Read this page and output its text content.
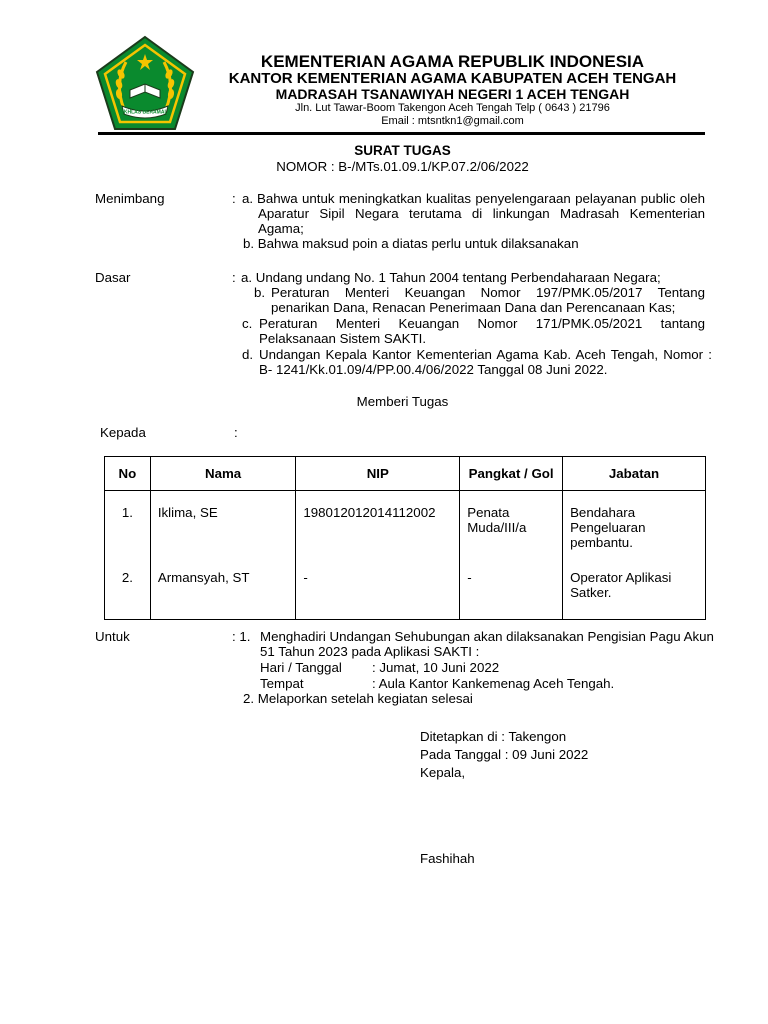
IKHLAS BERAMAL
KEMENTERIAN AGAMA REPUBLIK INDONESIA
KANTOR KEMENTERIAN AGAMA KABUPATEN ACEH TENGAH
MADRASAH TSANAWIYAH NEGERI 1 ACEH TENGAH
Jln. Lut Tawar-Boom Takengon Aceh Tengah Telp ( 0643 ) 21796
Email : mtsntkn1@gmail.com
SURAT TUGAS
NOMOR : B-/MTs.01.09.1/KP.07.2/06/2022
Menimbang	: a. Bahwa untuk meningkatkan kualitas penyelengaraan pelayanan public oleh Aparatur Sipil Negara terutama di linkungan Madrasah Kementerian Agama;
b. Bahwa maksud poin a diatas perlu untuk dilaksanakan
Dasar	: a. Undang undang No. 1 Tahun 2004 tentang Perbendaharaan Negara;
b. Peraturan Menteri Keuangan Nomor 197/PMK.05/2017 Tentang penarikan Dana, Renacan Penerimaan Dana dan Perencanaan Kas;
c. Peraturan Menteri Keuangan Nomor 171/PMK.05/2021 tantang Pelaksanaan Sistem SAKTI.
d. Undangan Kepala Kantor Kementerian Agama Kab. Aceh Tengah, Nomor : B- 1241/Kk.01.09/4/PP.00.4/06/2022 Tanggal 08 Juni 2022.
Memberi Tugas
Kepada	:
No	Nama	NIP	Pangkat / Gol	Jabatan
1.	Iklima, SE	198012012014112002	Penata Muda/III/a	Bendahara Pengeluaran pembantu.

2.	Armansyah, ST	-	-	Operator Aplikasi Satker.
Untuk	: 1. Menghadiri Undangan Sehubungan akan dilaksanakan Pengisian Pagu Akun 51 Tahun 2023 pada Aplikasi SAKTI :
Hari / Tanggal : Jumat, 10 Juni 2022
Tempat	: Aula Kantor Kankemenag Aceh Tengah.
2. Melaporkan setelah kegiatan selesai
Ditetapkan di : Takengon
Pada Tanggal : 09 Juni 2022
Kepala,
Fashihah
